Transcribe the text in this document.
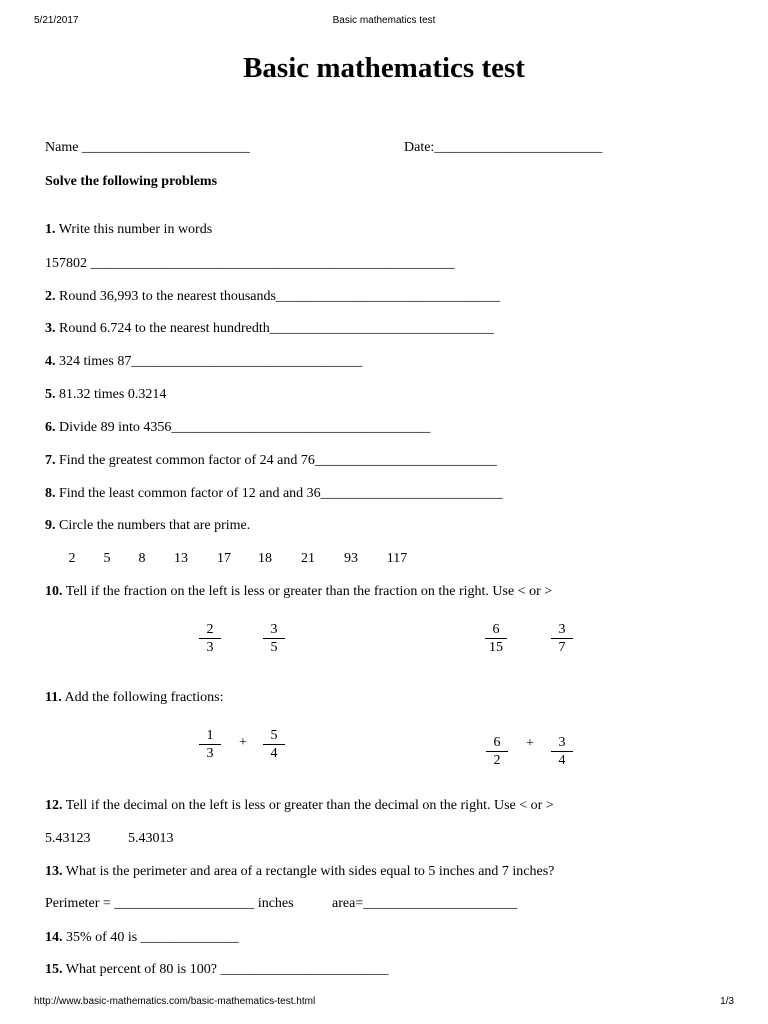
5/21/2017	Basic mathematics test
Basic mathematics test
Name ________________________	Date:________________________
Solve the following problems
1. Write this number in words
157802 ____________________________________________________
2. Round 36,993 to the nearest thousands________________________________
3. Round 6.724 to the nearest hundredth________________________________
4. 324 times 87_________________________________
5. 81.32 times 0.3214
6. Divide 89 into 4356_____________________________________
7. Find the greatest common factor of 24 and 76__________________________
8. Find the least common factor of 12 and and 36__________________________
9. Circle the numbers that are prime.
2	5	8	13	17	18	21	93	117
10. Tell if the fraction on the left is less or greater than the fraction on the right. Use < or >
$\frac{2}{3}$	$\frac{3}{5}$	$\frac{6}{15}$	$\frac{3}{7}$
11. Add the following fractions:
$\frac{1}{3} + \frac{5}{4}$	$\frac{6}{2} + \frac{3}{4}$
12. Tell if the decimal on the left is less or greater than the decimal on the right. Use < or >
5.43123	5.43013
13. What is the perimeter and area of a rectangle with sides equal to 5 inches and 7 inches?
Perimeter = ____________________ inches	area=______________________
14. 35% of 40 is ______________
15. What percent of 80 is 100? ________________________
http://www.basic-mathematics.com/basic-mathematics-test.html	1/3
